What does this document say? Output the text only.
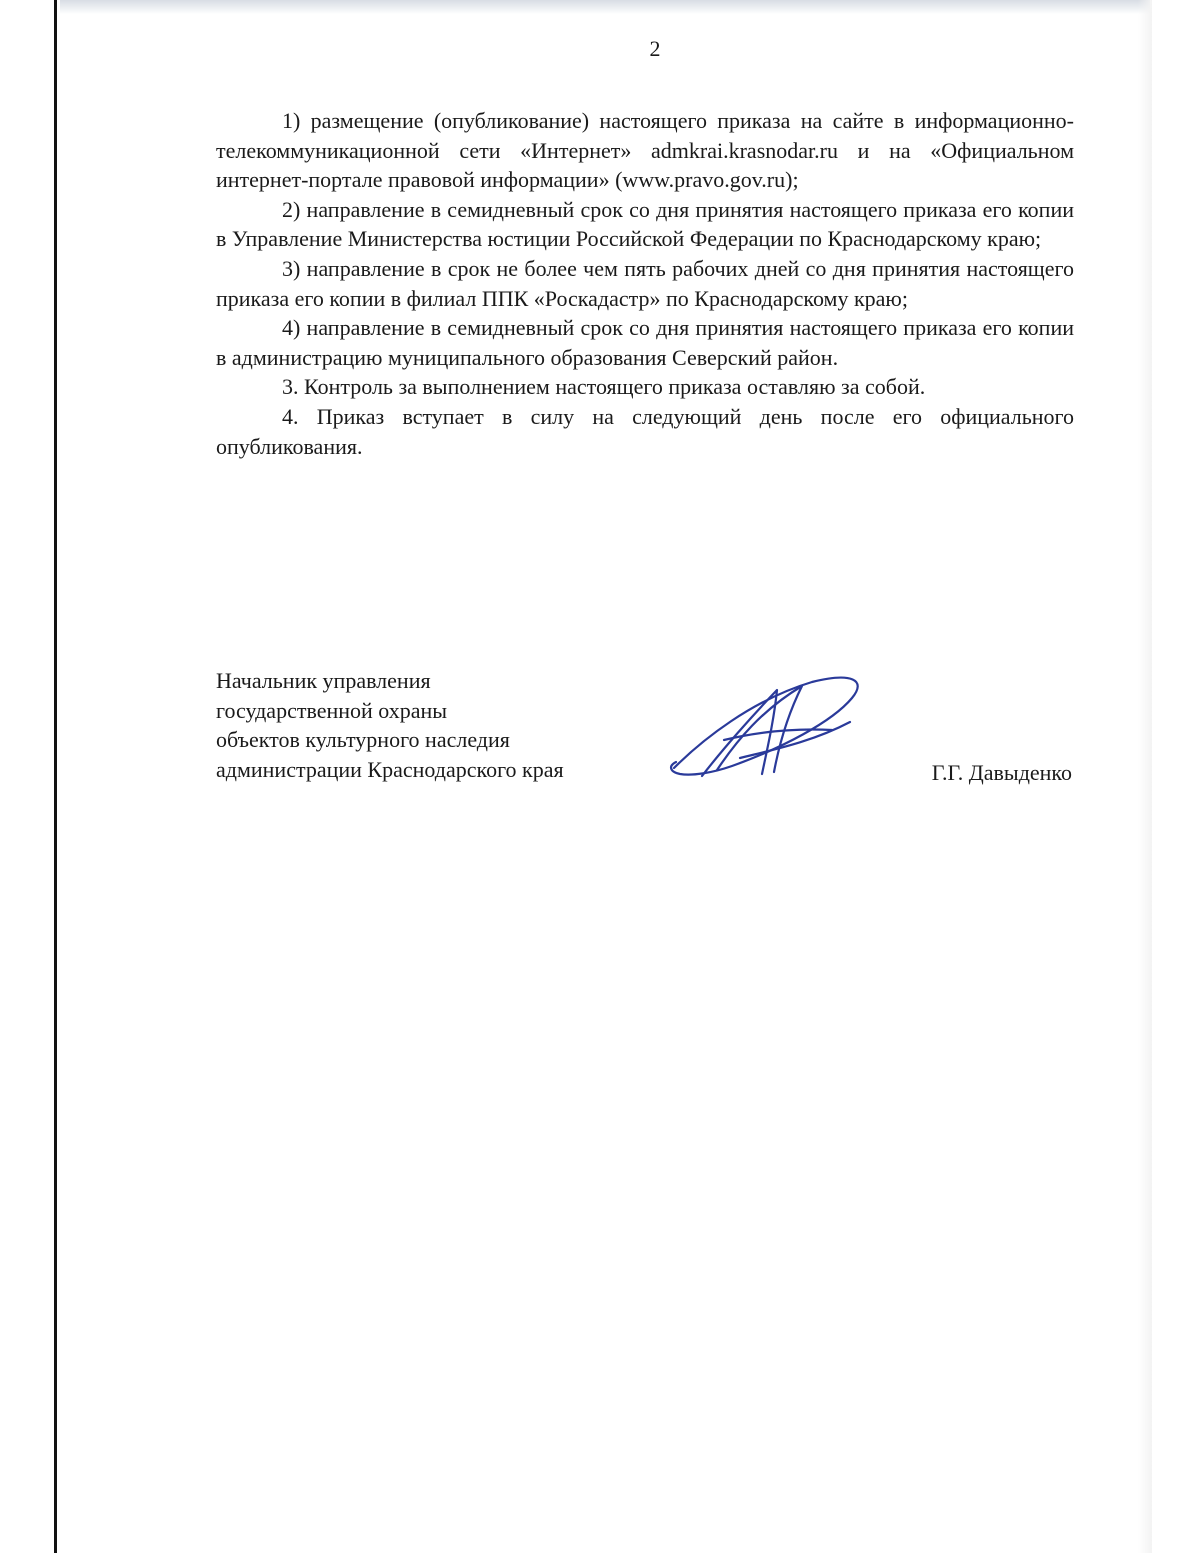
2

1) размещение (опубликование) настоящего приказа на сайте в информационно-телекоммуникационной сети «Интернет» admkrai.krasnodar.ru и на «Официальном интернет-портале правовой информации» (www.pravo.gov.ru);

2) направление в семидневный срок со дня принятия настоящего приказа его копии в Управление Министерства юстиции Российской Федерации по Краснодарскому краю;

3) направление в срок не более чем пять рабочих дней со дня принятия настоящего приказа его копии в филиал ППК «Роскадастр» по Краснодарскому краю;

4) направление в семидневный срок со дня принятия настоящего приказа его копии в администрацию муниципального образования Северский район.

3. Контроль за выполнением настоящего приказа оставляю за собой.

4. Приказ вступает в силу на следующий день после его официального опубликования.

Начальник управления
государственной охраны
объектов культурного наследия
администрации Краснодарского края	Г.Г. Давыденко
